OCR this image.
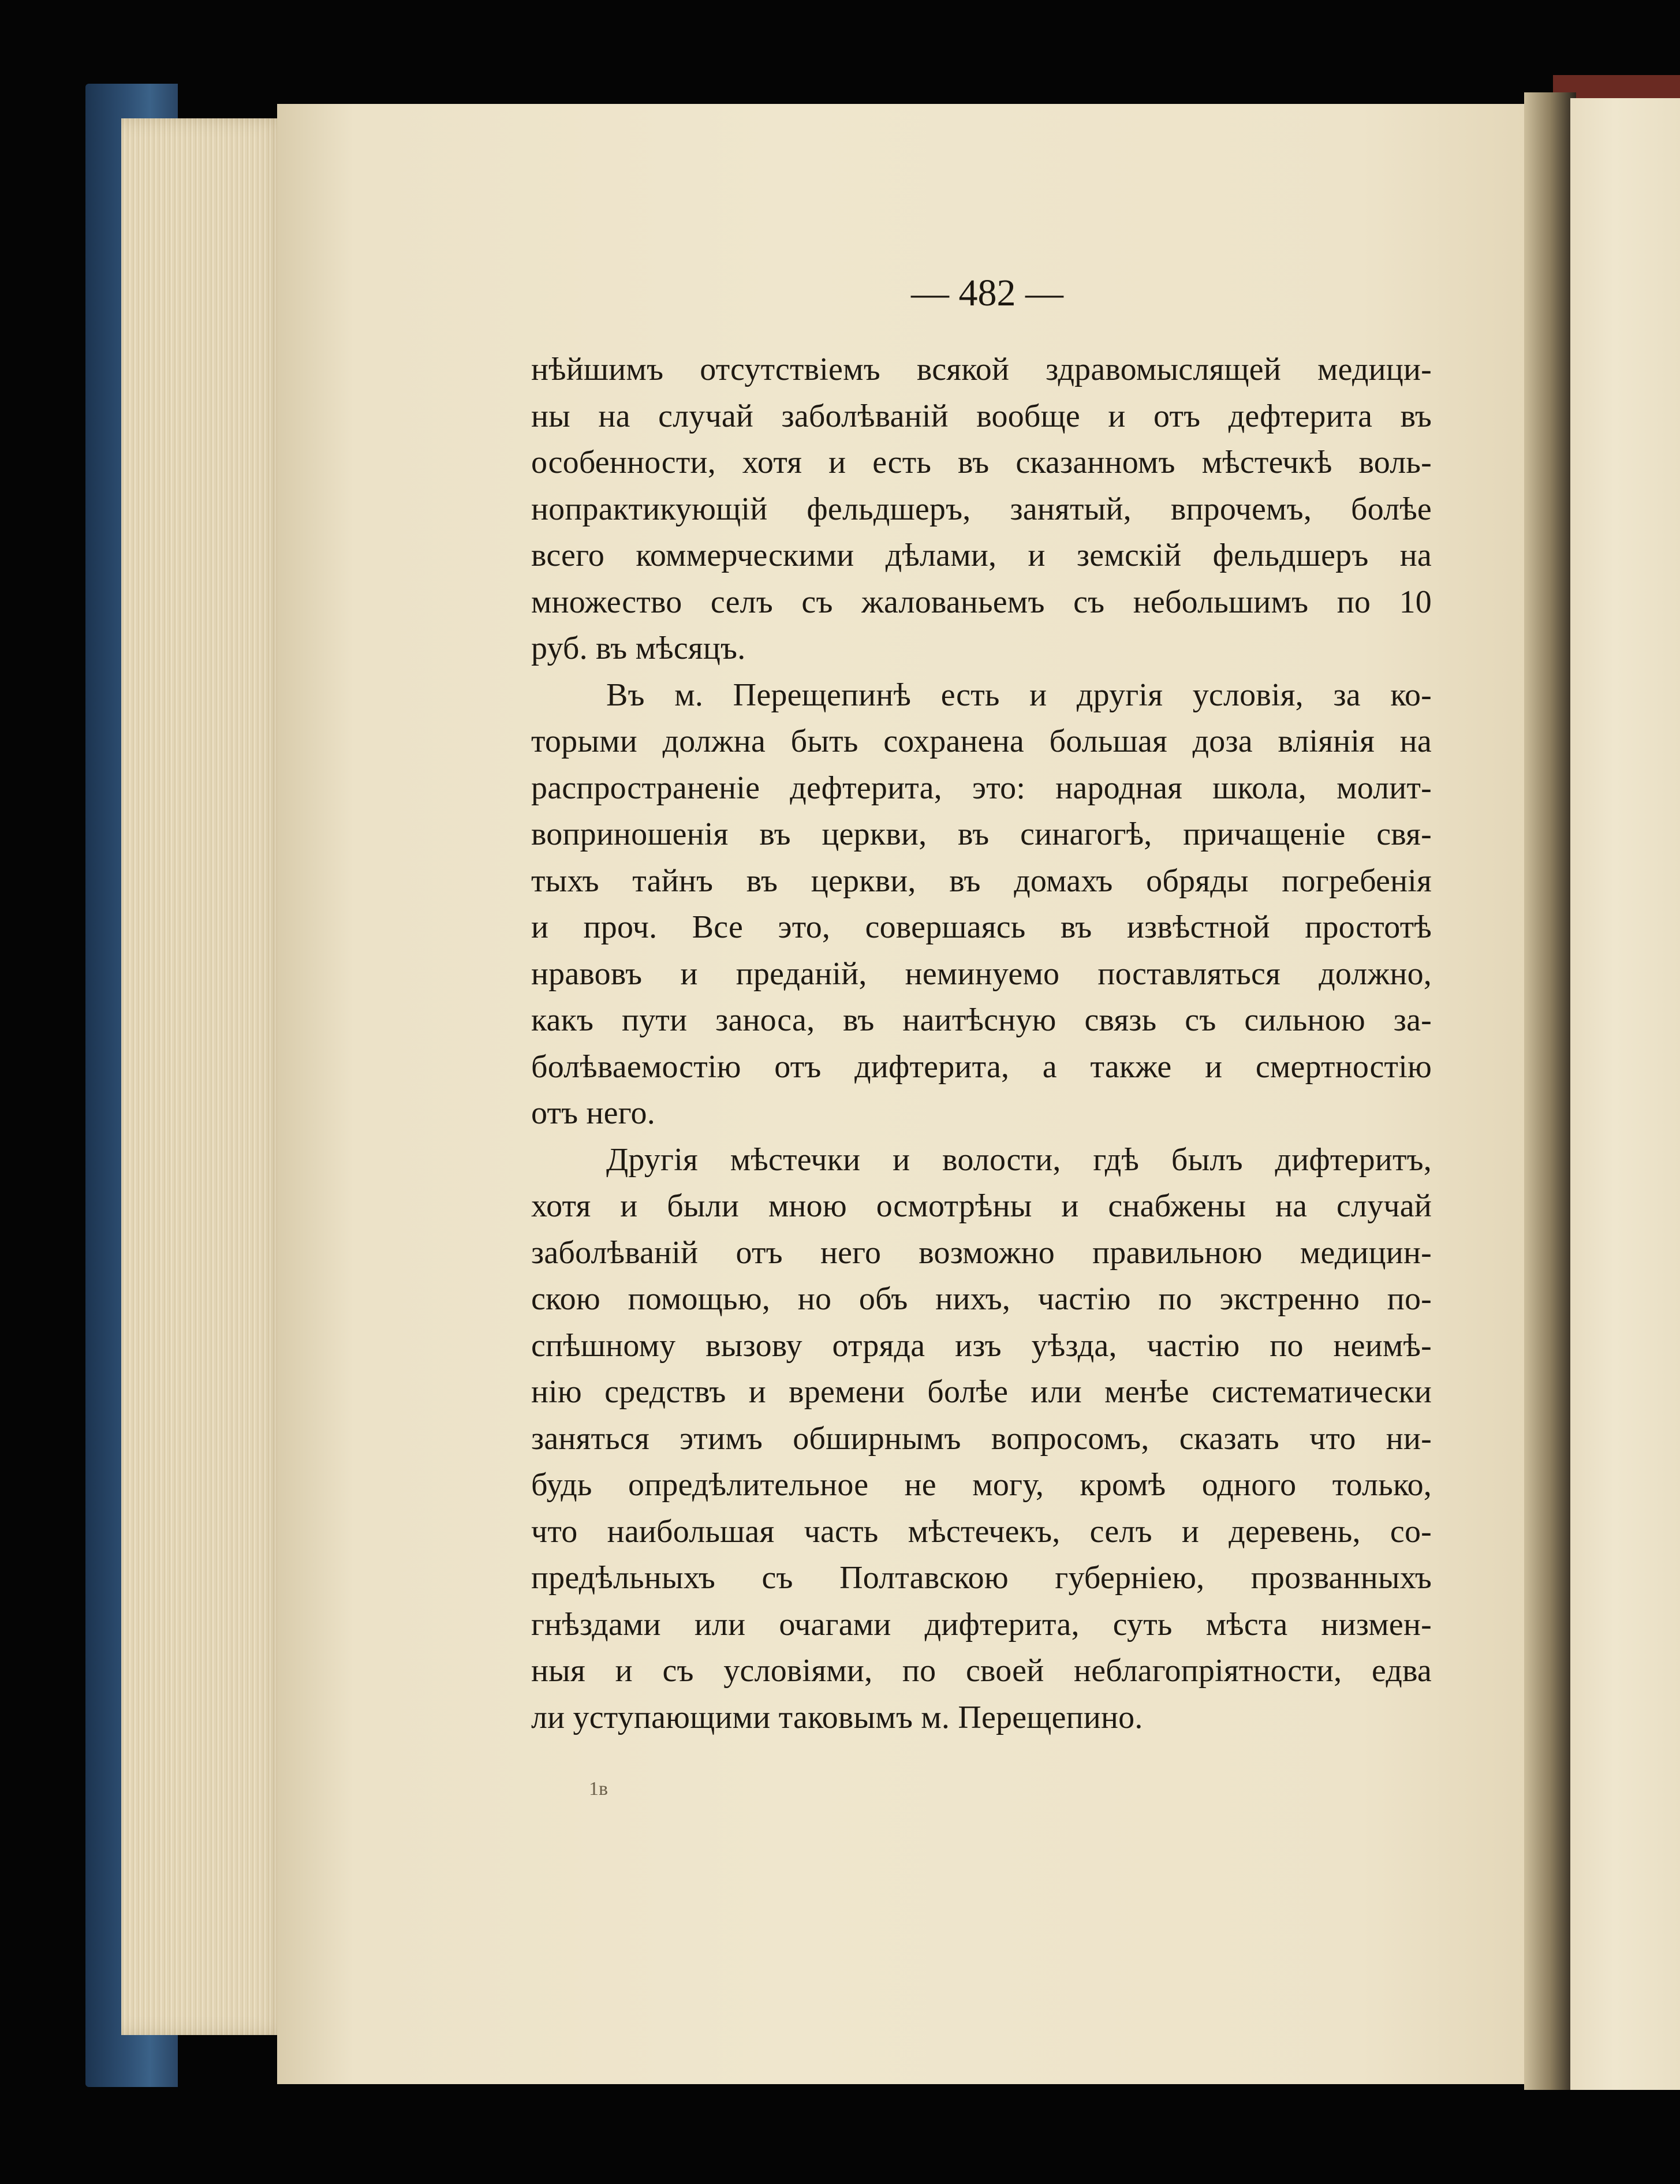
— 482 —
нѣйшимъ отсутствіемъ всякой здравомыслящей медици-
ны на случай заболѣваній вообще и отъ дефтерита въ
особенности, хотя и есть въ сказанномъ мѣстечкѣ воль-
нопрактикующій фельдшеръ, занятый, впрочемъ, болѣе
всего коммерческими дѣлами, и земскій фельдшеръ на
множество селъ съ жалованьемъ съ небольшимъ по 10
руб. въ мѣсяцъ.
Въ м. Перещепинѣ есть и другія условія, за ко-
торыми должна быть сохранена большая доза вліянія на
распространеніе дефтерита, это: народная школа, молит-
воприношенія въ церкви, въ синагогѣ, причащеніе свя-
тыхъ тайнъ въ церкви, въ домахъ обряды погребенія
и проч. Все это, совершаясь въ извѣстной простотѣ
нравовъ и преданій, неминуемо поставляться должно,
какъ пути заноса, въ наитѣсную связь съ сильною за-
болѣваемостію отъ дифтерита, а также и смертностію
отъ него.
Другія мѣстечки и волости, гдѣ былъ дифтеритъ,
хотя и были мною осмотрѣны и снабжены на случай
заболѣваній отъ него возможно правильною медицин-
скою помощью, но объ нихъ, частію по экстренно по-
спѣшному вызову отряда изъ уѣзда, частію по неимѣ-
нію средствъ и времени болѣе или менѣе систематически
заняться этимъ обширнымъ вопросомъ, сказать что ни-
будь опредѣлительное не могу, кромѣ одного только,
что наибольшая часть мѣстечекъ, селъ и деревень, со-
предѣльныхъ съ Полтавскою губерніею, прозванныхъ
гнѣздами или очагами дифтерита, суть мѣста низмен-
ныя и съ условіями, по своей неблагопріятности, едва
ли уступающими таковымъ м. Перещепино.
1в
